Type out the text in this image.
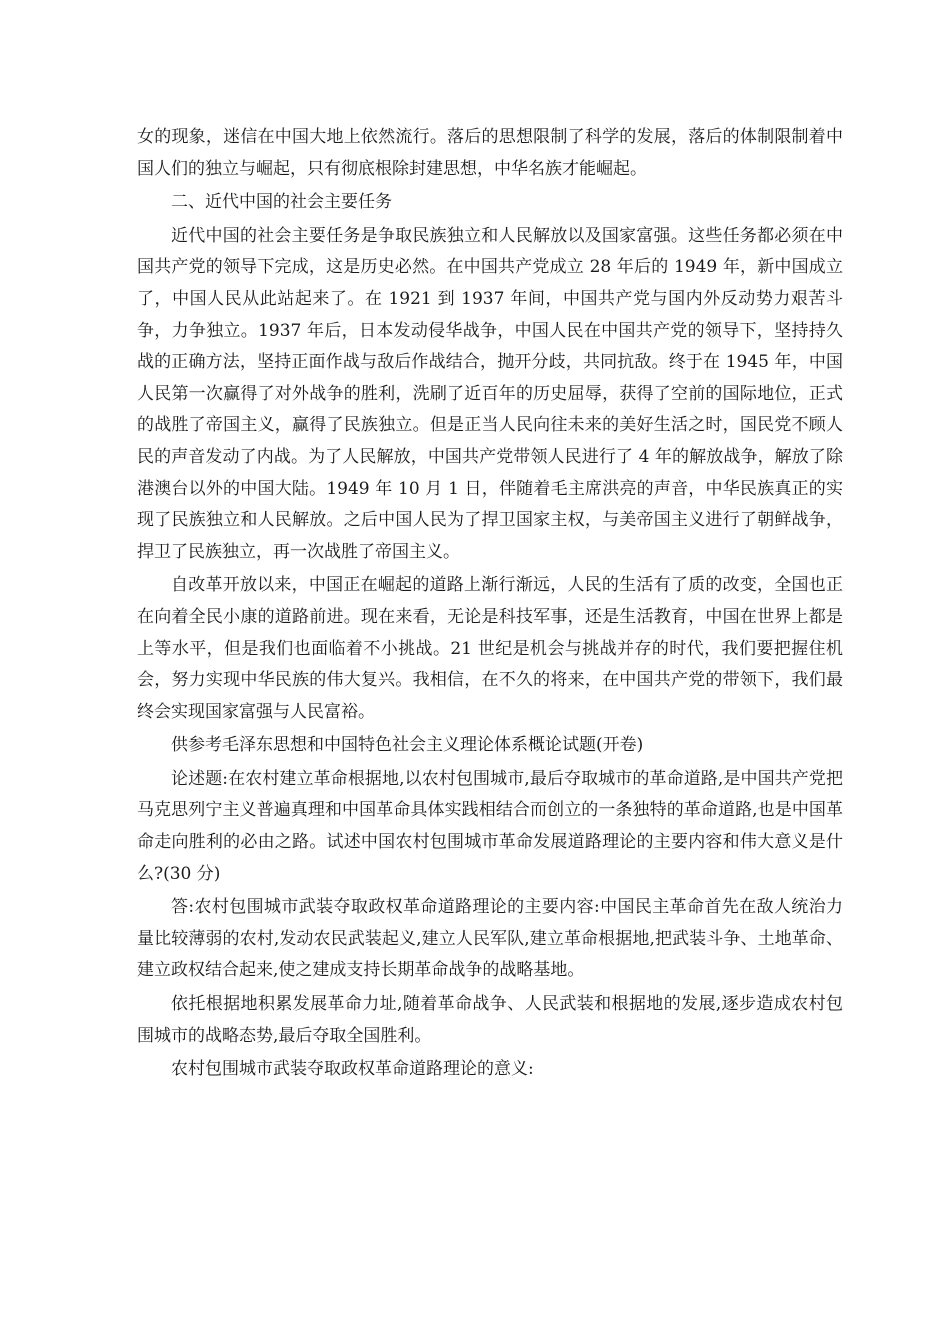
女的现象，迷信在中国大地上依然流行。落后的思想限制了科学的发展，落后的体制限制着中国人们的独立与崛起，只有彻底根除封建思想，中华名族才能崛起。

二、近代中国的社会主要任务

近代中国的社会主要任务是争取民族独立和人民解放以及国家富强。这些任务都必须在中国共产党的领导下完成，这是历史必然。在中国共产党成立 28 年后的 1949 年，新中国成立了，中国人民从此站起来了。在 1921 到 1937 年间，中国共产党与国内外反动势力艰苦斗争，力争独立。1937 年后，日本发动侵华战争，中国人民在中国共产党的领导下，坚持持久战的正确方法，坚持正面作战与敌后作战结合，抛开分歧，共同抗敌。终于在 1945 年，中国人民第一次赢得了对外战争的胜利，洗刷了近百年的历史屈辱，获得了空前的国际地位，正式的战胜了帝国主义，赢得了民族独立。但是正当人民向往未来的美好生活之时，国民党不顾人民的声音发动了内战。为了人民解放，中国共产党带领人民进行了 4 年的解放战争，解放了除港澳台以外的中国大陆。1949 年 10 月 1 日，伴随着毛主席洪亮的声音，中华民族真正的实现了民族独立和人民解放。之后中国人民为了捍卫国家主权，与美帝国主义进行了朝鲜战争，捍卫了民族独立，再一次战胜了帝国主义。

自改革开放以来，中国正在崛起的道路上渐行渐远，人民的生活有了质的改变，全国也正在向着全民小康的道路前进。现在来看，无论是科技军事，还是生活教育，中国在世界上都是上等水平，但是我们也面临着不小挑战。21 世纪是机会与挑战并存的时代，我们要把握住机会，努力实现中华民族的伟大复兴。我相信，在不久的将来，在中国共产党的带领下，我们最终会实现国家富强与人民富裕。

供参考毛泽东思想和中国特色社会主义理论体系概论试题(开卷)

论述题:在农村建立革命根据地,以农村包围城市,最后夺取城市的革命道路,是中国共产党把马克思列宁主义普遍真理和中国革命具体实践相结合而创立的一条独特的革命道路,也是中国革命走向胜利的必由之路。试述中国农村包围城市革命发展道路理论的主要内容和伟大意义是什么?(30 分)

答:农村包围城市武装夺取政权革命道路理论的主要内容:中国民主革命首先在敌人统治力量比较薄弱的农村,发动农民武装起义,建立人民军队,建立革命根据地,把武装斗争、土地革命、建立政权结合起来,使之建成支持长期革命战争的战略基地。

依托根据地积累发展革命力址,随着革命战争、人民武装和根据地的发展,逐步造成农村包围城市的战略态势,最后夺取全国胜利。

农村包围城市武装夺取政权革命道路理论的意义:
